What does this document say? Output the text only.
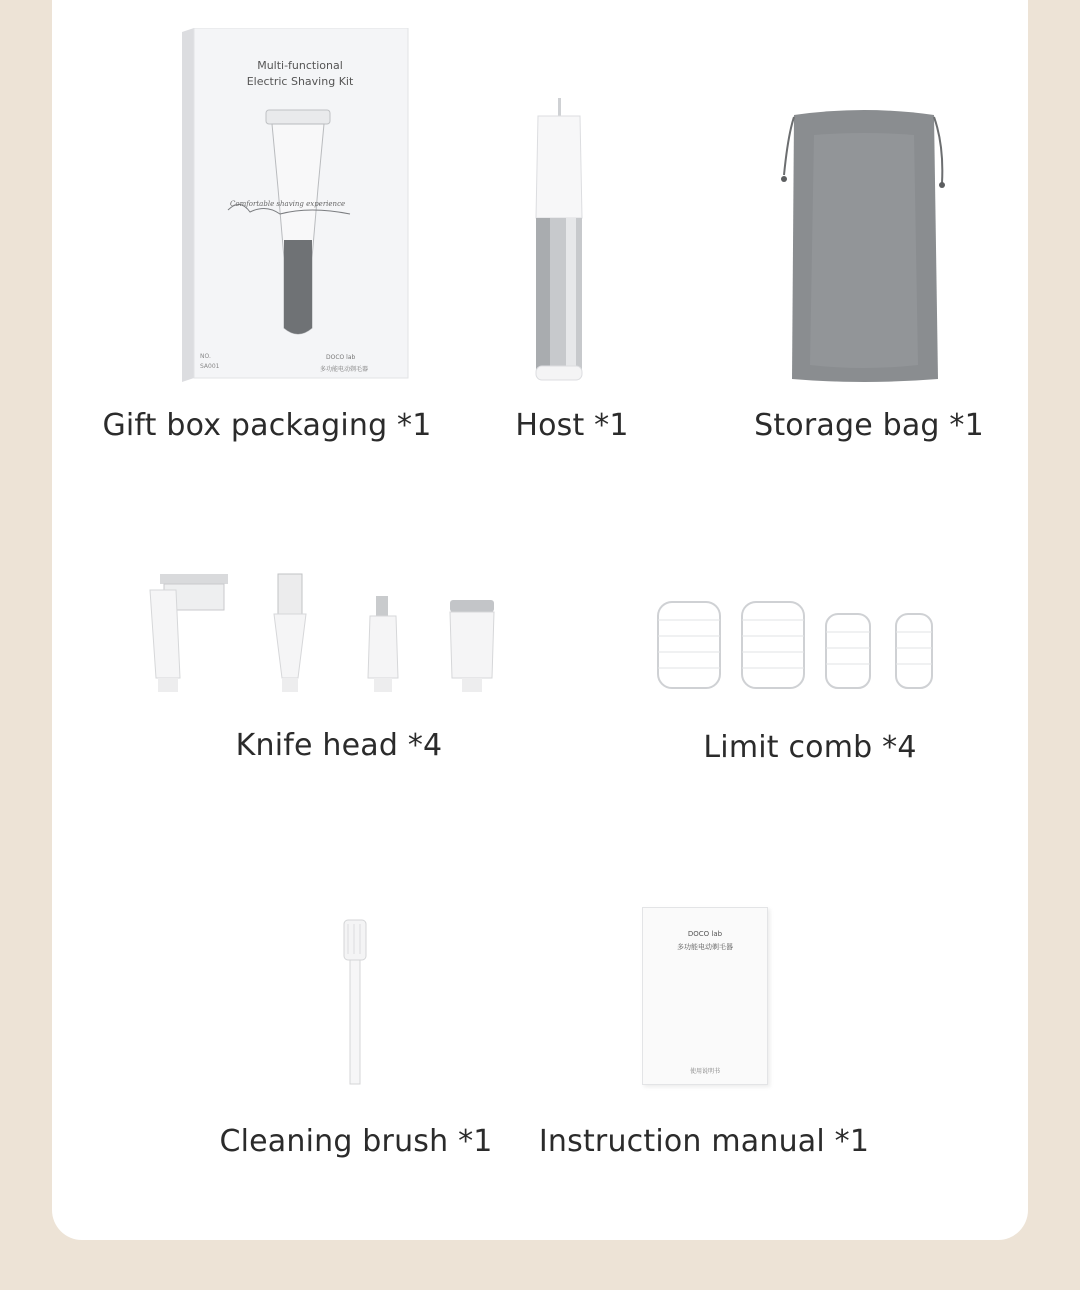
NO.
SA001
Multi-functional
Electric Shaving Kit
Comfortable shaving experience
DOCO lab
多功能电动剃毛器
Gift box packaging *1	Host *1	Storage bag *1
Knife head *4	Limit comb *4
Cleaning brush *1
DOCO lab
多功能电动剃毛器
使用说明书
Instruction manual *1
